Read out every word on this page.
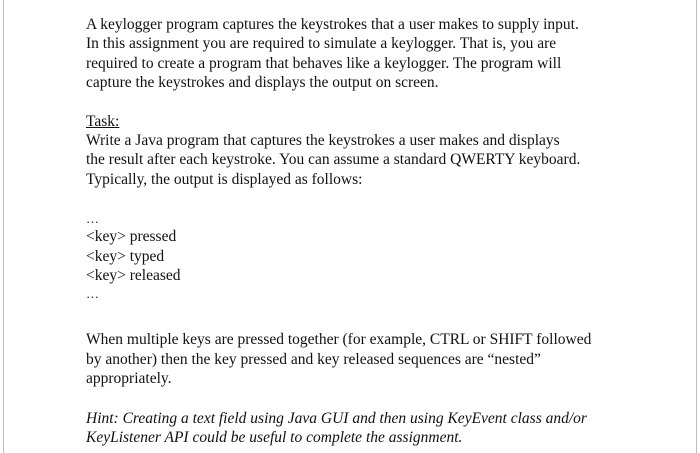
A keylogger program captures the keystrokes that a user makes to supply input.
In this assignment you are required to simulate a keylogger. That is, you are
required to create a program that behaves like a keylogger. The program will
capture the keystrokes and displays the output on screen.

Task:
Write a Java program that captures the keystrokes a user makes and displays
the result after each keystroke. You can assume a standard QWERTY keyboard.
Typically, the output is displayed as follows:

…
<key> pressed
<key> typed
<key> released
…

When multiple keys are pressed together (for example, CTRL or SHIFT followed
by another) then the key pressed and key released sequences are “nested”
appropriately.

Hint: Creating a text field using Java GUI and then using KeyEvent class and/or
KeyListener API could be useful to complete the assignment.
